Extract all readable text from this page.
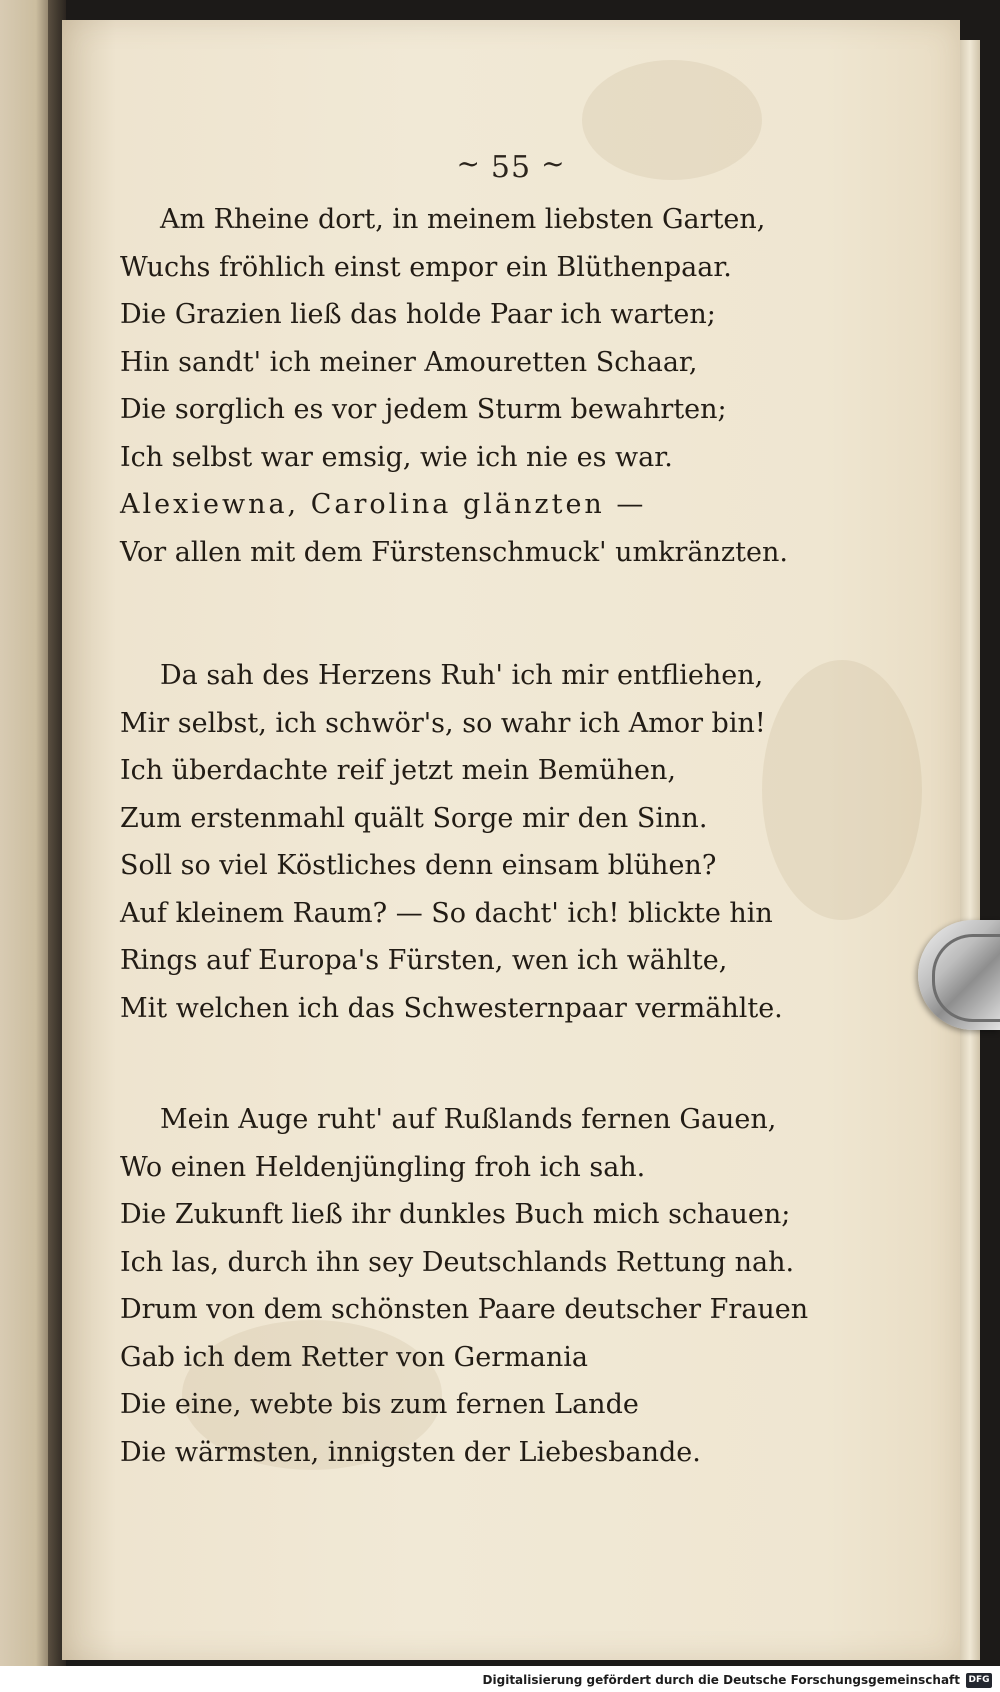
~ 55 ~
Am Rheine dort, in meinem liebsten Garten,
Wuchs fröhlich einst empor ein Blüthenpaar.
Die Grazien ließ das holde Paar ich warten;
Hin sandt' ich meiner Amouretten Schaar,
Die sorglich es vor jedem Sturm bewahrten;
Ich selbst war emsig, wie ich nie es war.
Alexiewna, Carolina glänzten —
Vor allen mit dem Fürstenschmuck' umkränzten.
Da sah des Herzens Ruh' ich mir entfliehen,
Mir selbst, ich schwör's, so wahr ich Amor bin!
Ich überdachte reif jetzt mein Bemühen,
Zum erstenmahl quält Sorge mir den Sinn.
Soll so viel Köstliches denn einsam blühen?
Auf kleinem Raum? — So dacht' ich! blickte hin
Rings auf Europa's Fürsten, wen ich wählte,
Mit welchen ich das Schwesternpaar vermählte.
Mein Auge ruht' auf Rußlands fernen Gauen,
Wo einen Heldenjüngling froh ich sah.
Die Zukunft ließ ihr dunkles Buch mich schauen;
Ich las, durch ihn sey Deutschlands Rettung nah.
Drum von dem schönsten Paare deutscher Frauen
Gab ich dem Retter von Germania
Die eine, webte bis zum fernen Lande
Die wärmsten, innigsten der Liebesbande.
Digitalisierung gefördert durch die Deutsche Forschungsgemeinschaft DFG
